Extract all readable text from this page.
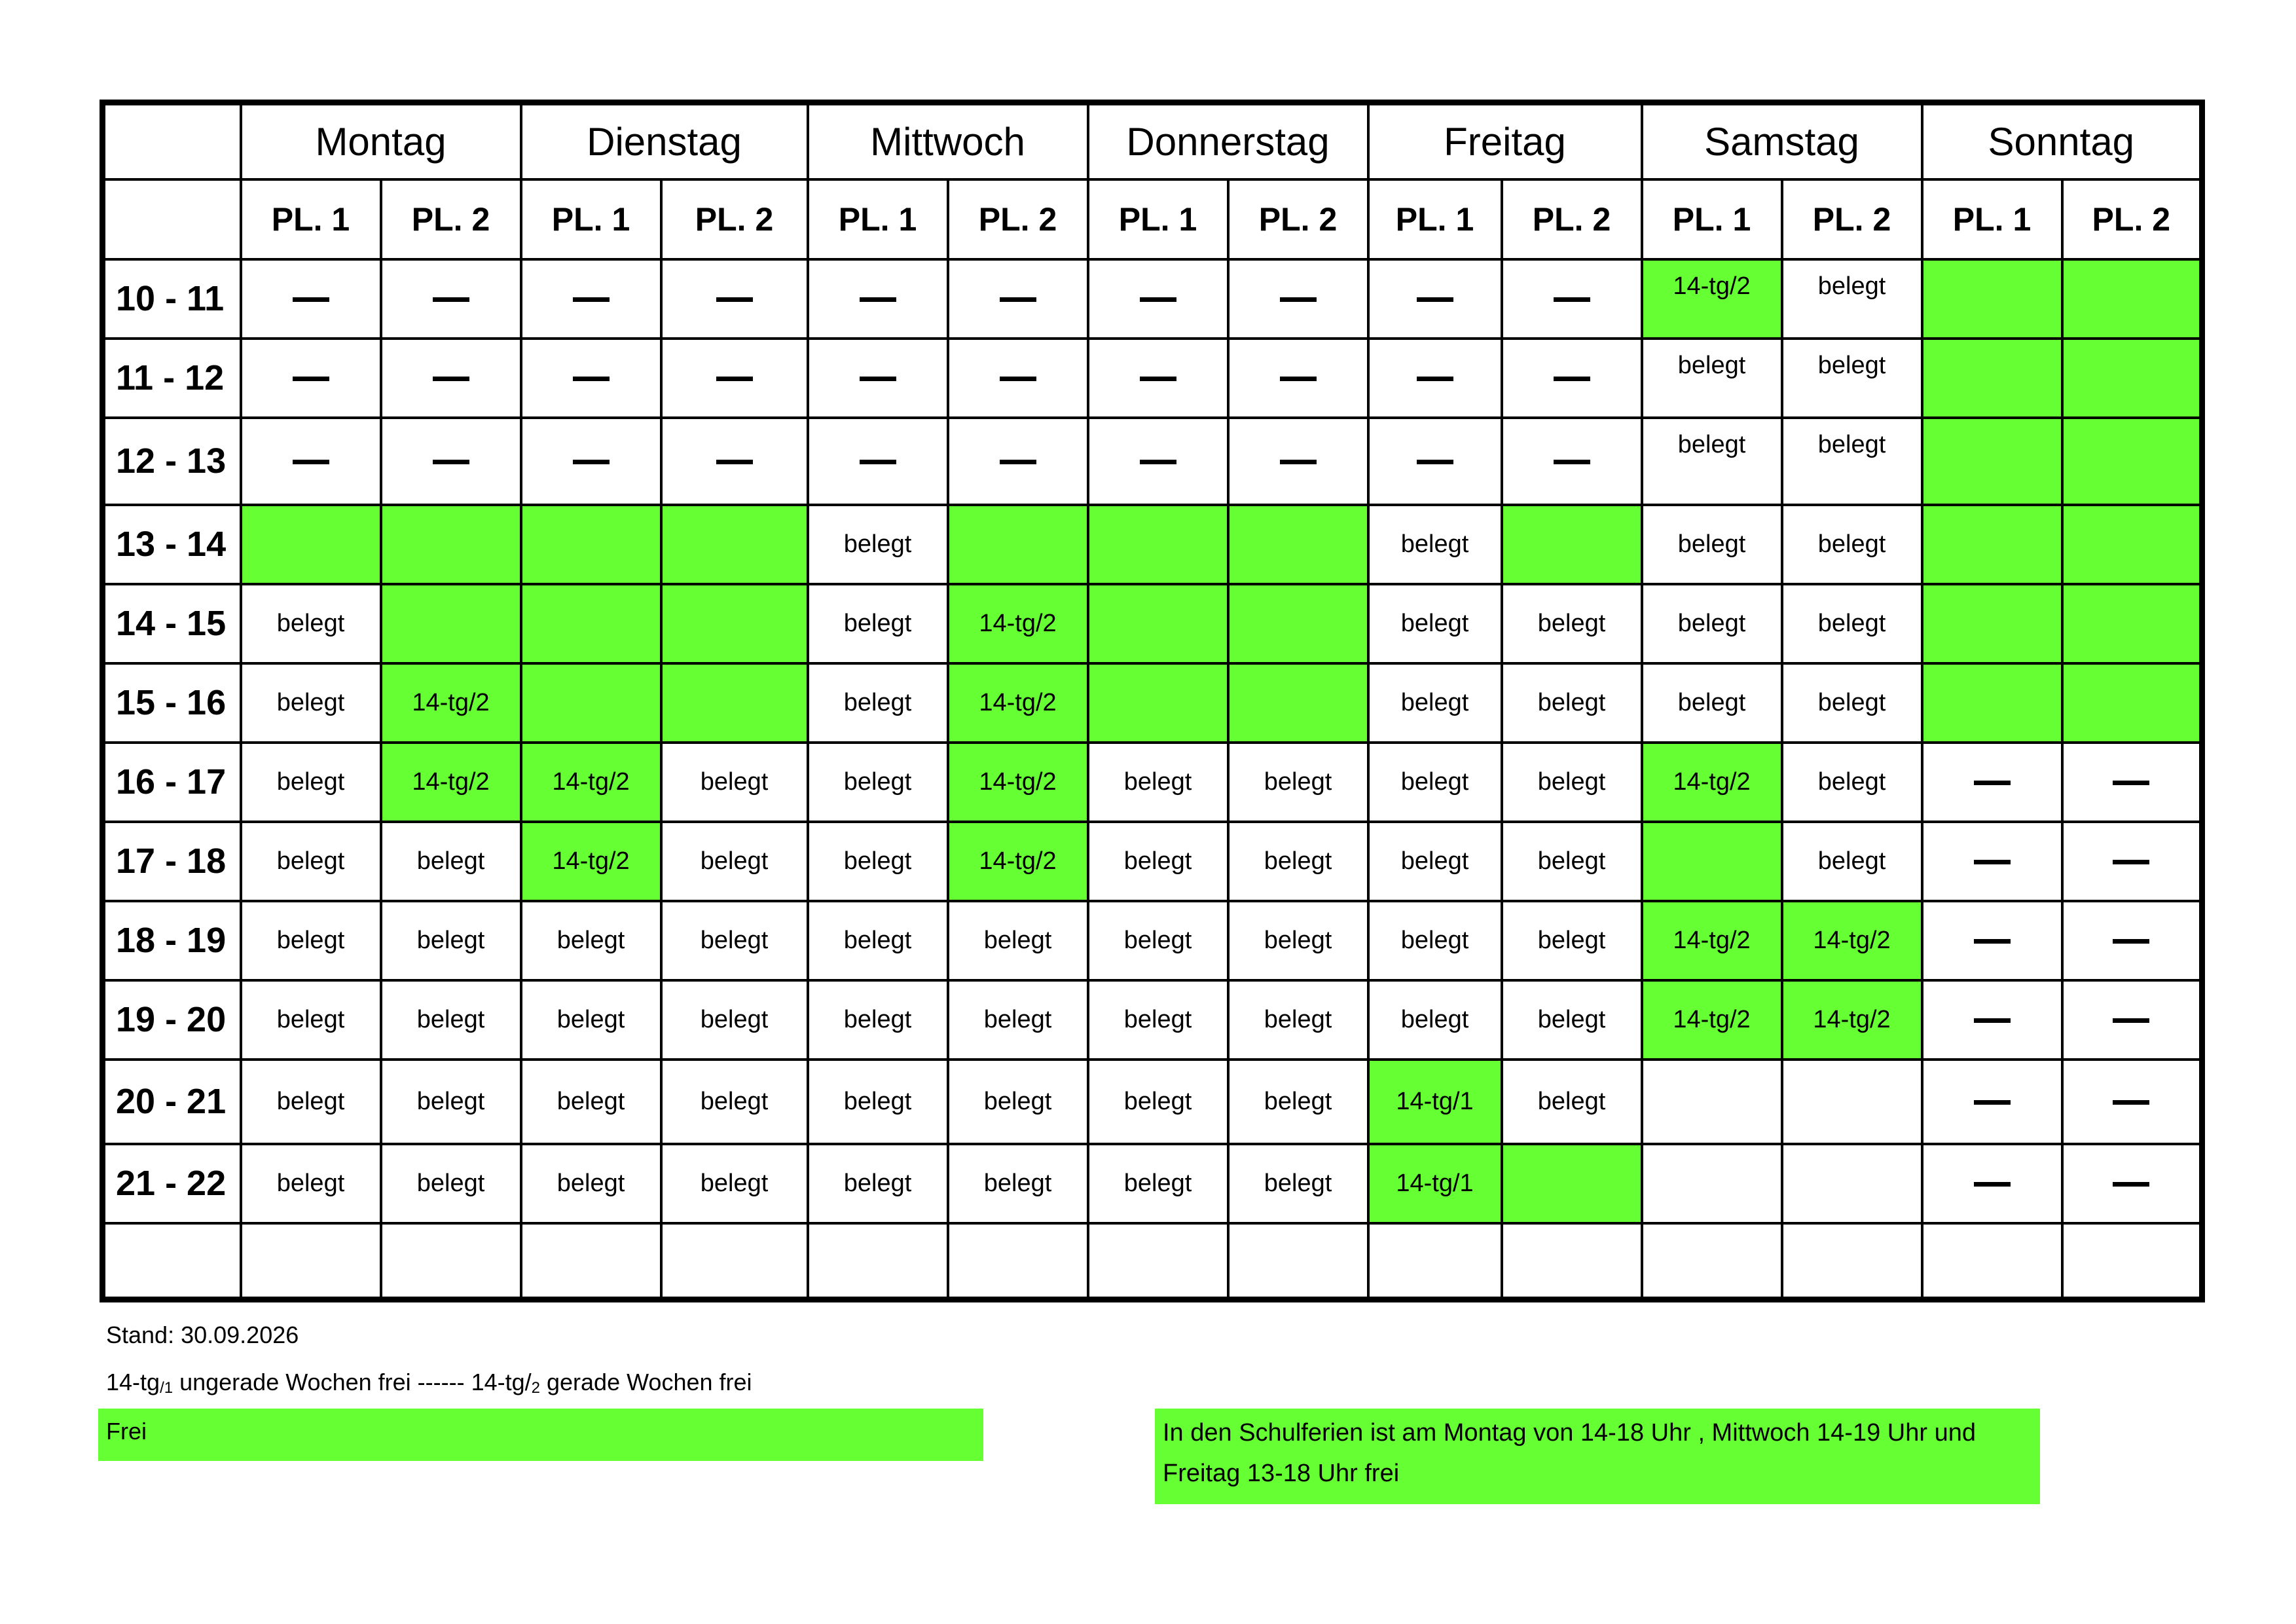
	Montag		Dienstag		Mittwoch		Donnerstag		Freitag		Samstag		Sonntag	
	PL. 1	PL. 2	PL. 1	PL. 2	PL. 1	PL. 2	PL. 1	PL. 2	PL. 1	PL. 2	PL. 1	PL. 2	PL. 1	PL. 2
10 - 11											14-tg/2	belegt		
11 - 12											belegt	belegt		
12 - 13											belegt	belegt		
13 - 14					belegt				belegt		belegt	belegt		
14 - 15	belegt				belegt	14-tg/2			belegt	belegt	belegt	belegt		
15 - 16	belegt	14-tg/2			belegt	14-tg/2			belegt	belegt	belegt	belegt		
16 - 17	belegt	14-tg/2	14-tg/2	belegt	belegt	14-tg/2	belegt	belegt	belegt	belegt	14-tg/2	belegt		
17 - 18	belegt	belegt	14-tg/2	belegt	belegt	14-tg/2	belegt	belegt	belegt	belegt		belegt		
18 - 19	belegt	belegt	belegt	belegt	belegt	belegt	belegt	belegt	belegt	belegt	14-tg/2	14-tg/2		
19 - 20	belegt	belegt	belegt	belegt	belegt	belegt	belegt	belegt	belegt	belegt	14-tg/2	14-tg/2		
20 - 21	belegt	belegt	belegt	belegt	belegt	belegt	belegt	belegt	14-tg/1	belegt				
21 - 22	belegt	belegt	belegt	belegt	belegt	belegt	belegt	belegt	14-tg/1					

Stand: 30.09.2026
$14-tg_{/1}$ ungerade Wochen frei ------ $14-tg/_2$ gerade Wochen frei
Frei	In den Schulferien ist am Montag von 14-18 Uhr , Mittwoch 14-19 Uhr und Freitag 13-18 Uhr frei
